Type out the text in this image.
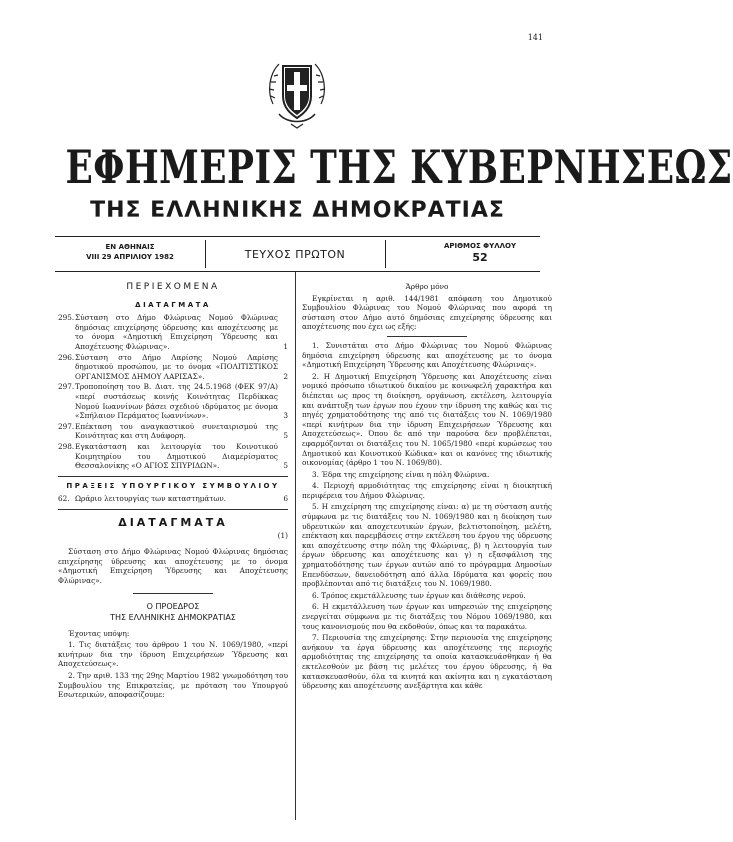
141
ΕΦΗΜΕΡΙΣ ΤΗΣ ΚΥΒΕΡΝΗΣΕΩΣ
ΤΗΣ ΕΛΛΗΝΙΚΗΣ ΔΗΜΟΚΡΑΤΙΑΣ
ΕΝ ΑΘΗΝΑΙΣ
VIII 29 ΑΠΡΙΛΙΟΥ 1982	ΤΕΥΧΟΣ ΠΡΩΤΟΝ
ΑΡΙΘΜΟΣ ΦΥΛΛΟΥ
52
ΠΕΡΙΕΧΟΜΕΝΑ
ΔΙΑΤΑΓΜΑΤΑ
295. Σύσταση στο Δήμο Φλώρινας Νομού Φλώρινας δημόσιας επιχείρησης ύδρευσης και αποχέτευσης με το όνομα «Δημοτική Επιχείρηση Ύδρευσης και Αποχέτευσης Φλώρινας».	1
296. Σύσταση στο Δήμο Λαρίσης Νομού Λαρίσης δημοτικού προσώπου, με το όνομα «ΠΟΛΙΤΙΣΤΙΚΟΣ ΟΡΓΑΝΙΣΜΟΣ ΔΗΜΟΥ ΛΑΡΙΣΑΣ».	2
297. Τροποποίηση του Β. Διατ. της 24.5.1968 (ΦΕΚ 97/Α) «περί συστάσεως κοινής Κοινότητας Περδίκκας Νομού Ιωαννίνων βάσει σχεδιού ιδρύματος με όνομα «Σπήλαιον Περάματος Ιωαννίνων».	3
297. Επέκταση του αναγκαστικού συνεταιρισμού της Κοινότητας και στη Δυάφορη.	5
298. Εγκατάσταση και λειτουργία του Κοινοτικού Κοιμητηρίου του Δημοτικού Διαμερίσματος Θεσσαλονίκης «Ο ΑΓΙΟΣ ΣΠΥΡΙΔΩΝ».	5
ΠΡΑΞΕΙΣ ΥΠΟΥΡΓΙΚΟΥ ΣΥΜΒΟΥΛΙΟΥ
62. Ωράριο λειτουργίας των καταστημάτων.	6
ΔΙΑΤΑΓΜΑΤΑ

(1)

Σύσταση στο Δήμο Φλώρινας Νομού Φλώρινας δημόσιας επιχείρησης ύδρευσης και αποχέτευσης με το όνομα «Δημοτική Επιχείρηση Ύδρευσης και Αποχέτευσης Φλώρινας».

Ο ΠΡΟΕΔΡΟΣ
ΤΗΣ ΕΛΛΗΝΙΚΗΣ ΔΗΜΟΚΡΑΤΙΑΣ

Έχοντας υπόψη:

1. Τις διατάξεις του άρθρου 1 του Ν. 1069/1980, «περί κινήτρων δια την ίδρυση Επιχειρήσεων Ύδρευσης και Αποχετεύσεως».

2. Την αριθ. 133 της 29ης Μαρτίου 1982 γνωμοδότηση του Συμβουλίου της Επικρατείας, με πρόταση του Υπουργού Εσωτερικών, αποφασίζουμε:

Άρθρο μόνο

Εγκρίνεται η αριθ. 144/1981 απόφαση του Δημοτικού Συμβουλίου Φλώρινας του Νομού Φλώρινας που αφορά τη σύσταση στον Δήμο αυτό δημόσιας επιχείρησης ύδρευσης και αποχέτευσης που έχει ως εξής:

1. Συνιστάται στο Δήμο Φλώρινας του Νομού Φλώρινας δημόσια επιχείρηση ύδρευσης και αποχέτευσης με το όνομα «Δημοτική Επιχείρηση Ύδρευσης και Αποχέτευσης Φλώρινας».

2. Η Δημοτική Επιχείρηση Ύδρευσης και Αποχέτευσης είναι νομικό πρόσωπο ιδιωτικού δικαίου με κοινωφελή χαρακτήρα και διέπεται ως προς τη διοίκηση, οργάνωση, εκτέλεση, λειτουργία και ανάπτυξη των έργων που έχουν την ίδρυση της καθώς και τις πηγές χρηματοδότησης της από τις διατάξεις του Ν. 1069/1980 «περί κινήτρων δια την ίδρυση Επιχειρήσεων Ύδρευσης και Αποχετεύσεως». Όπου δε από την παρούσα δεν προβλέπεται, εφαρμόζονται οι διατάξεις του Ν. 1065/1980 «περί κυρώσεως του Δημοτικού και Κοινοτικού Κώδικα» και οι κανόνες της ιδιωτικής οικονομίας (άρθρο 1 του Ν. 1069/80).

3. Έδρα της επιχείρησης είναι η πόλη Φλώρινα.

4. Περιοχή αρμοδιότητας της επιχείρησης είναι η διοικητική περιφέρεια του Δήμου Φλώρινας.

5. Η επιχείρηση της επιχείρησης είναι: α) με τη σύσταση αυτής σύμφωνα με τις διατάξεις του Ν. 1069/1980 και η διοίκηση των υδρευτικών και αποχετευτικών έργων, βελτιστοποίηση, μελέτη, επέκταση και παρεμβάσεις στην εκτέλεση του έργου της ύδρευσης και αποχέτευσης στην πόλη της Φλώρινας, β) η λειτουργία των έργων ύδρευσης και αποχέτευσης και γ) η εξασφάλιση της χρηματοδότησης των έργων αυτών από το πρόγραμμα Δημοσίων Επενδύσεων, δανειοδότηση από άλλα Ιδρύματα και φορείς που προβλέπονται από τις διατάξεις του Ν. 1069/1980.

6. Τρόπος εκμετάλλευσης των έργων και διάθεσης νερού.

6. Η εκμετάλλευση των έργων και υπηρεσιών της επιχείρησης ενεργείται σύμφωνα με τις διατάξεις του Νόμου 1069/1980, και τους κανονισμούς που θα εκδοθούν, όπως και τα παρακάτω.

7. Περιουσία της επιχείρησης: Στην περιουσία της επιχείρησης ανήκουν τα έργα ύδρευσης και αποχέτευσης της περιοχής αρμοδιότητας της επιχείρησης τα οποία κατασκευάσθηκαν ή θα εκτελεσθούν με βάση τις μελέτες του έργου ύδρευσης, ή θα κατασκευασθούν, όλα τα κινητά και ακίνητα και η εγκατάσταση ύδρευσης και αποχέτευσης ανεξάρτητα και κάθε
